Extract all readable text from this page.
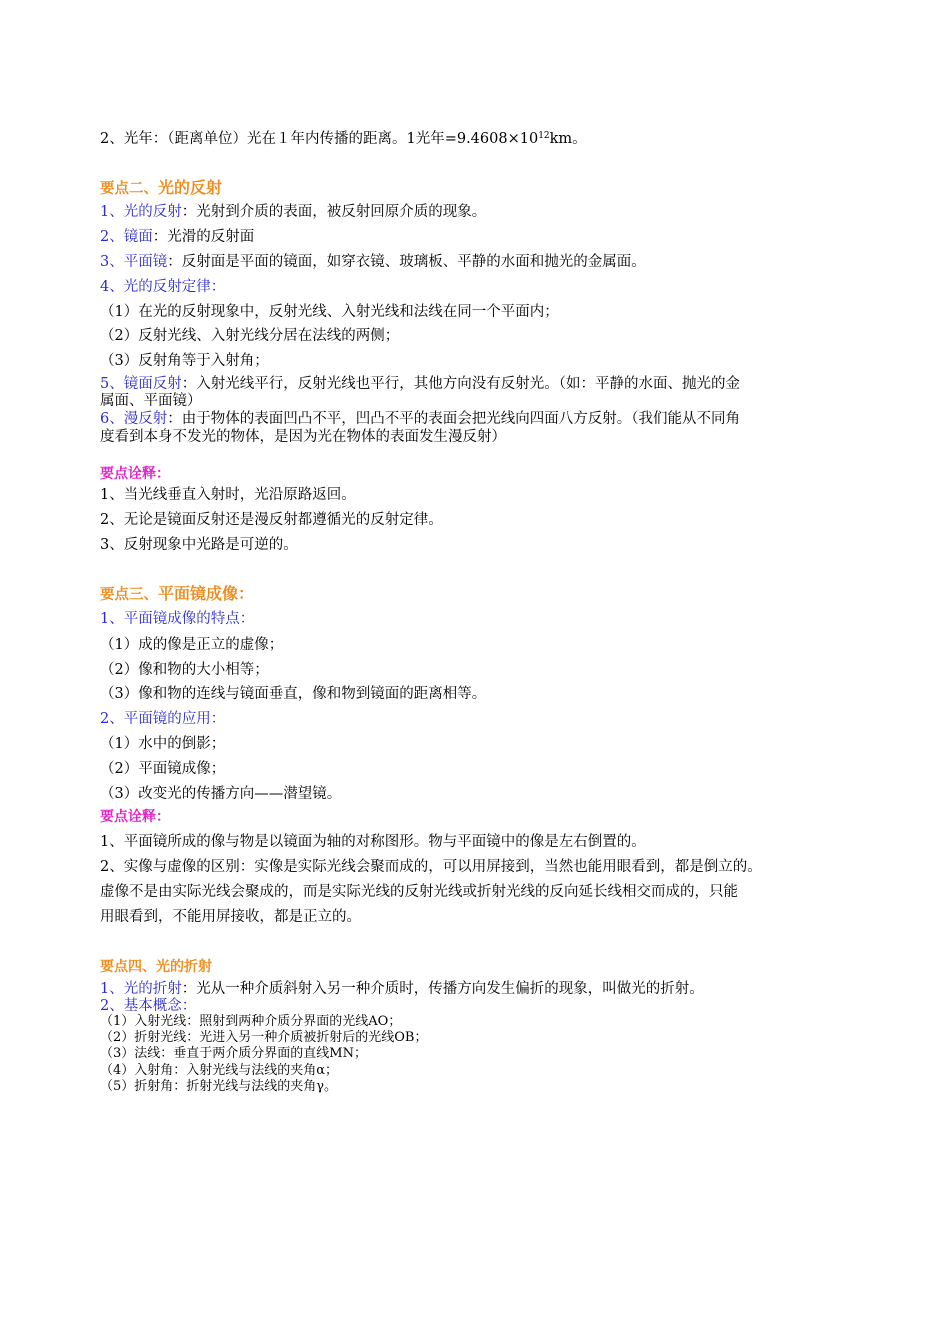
2、光年：（距离单位）光在１年内传播的距离。1光年$=9.4608\times 10^{12}km$。
要点二、光的反射
1、光的反射：光射到介质的表面，被反射回原介质的现象。
2、镜面：光滑的反射面
3、平面镜：反射面是平面的镜面，如穿衣镜、玻璃板、平静的水面和抛光的金属面。
4、光的反射定律：
（1）在光的反射现象中，反射光线、入射光线和法线在同一个平面内；
（2）反射光线、入射光线分居在法线的两侧；
（3）反射角等于入射角；
5、镜面反射：入射光线平行，反射光线也平行，其他方向没有反射光。（如：平静的水面、抛光的金
属面、平面镜）
6、漫反射：由于物体的表面凹凸不平，凹凸不平的表面会把光线向四面八方反射。（我们能从不同角
度看到本身不发光的物体，是因为光在物体的表面发生漫反射）
要点诠释：
1、当光线垂直入射时，光沿原路返回。
2、无论是镜面反射还是漫反射都遵循光的反射定律。
3、反射现象中光路是可逆的。
要点三、平面镜成像：
1、平面镜成像的特点：
（1）成的像是正立的虚像；
（2）像和物的大小相等；
（3）像和物的连线与镜面垂直，像和物到镜面的距离相等。
2、平面镜的应用：
（1）水中的倒影；
（2）平面镜成像；
（3）改变光的传播方向——潜望镜。
要点诠释：
1、平面镜所成的像与物是以镜面为轴的对称图形。物与平面镜中的像是左右倒置的。
2、实像与虚像的区别：实像是实际光线会聚而成的，可以用屏接到，当然也能用眼看到，都是倒立的。
虚像不是由实际光线会聚成的，而是实际光线的反射光线或折射光线的反向延长线相交而成的，只能
用眼看到，不能用屏接收，都是正立的。
要点四、光的折射
1、光的折射：光从一种介质斜射入另一种介质时，传播方向发生偏折的现象，叫做光的折射。
2、基本概念：
（1）入射光线：照射到两种介质分界面的光线AO；
（2）折射光线：光进入另一种介质被折射后的光线OB；
（3）法线：垂直于两介质分界面的直线MN；
（4）入射角：入射光线与法线的夹角α；
（5）折射角：折射光线与法线的夹角γ。
